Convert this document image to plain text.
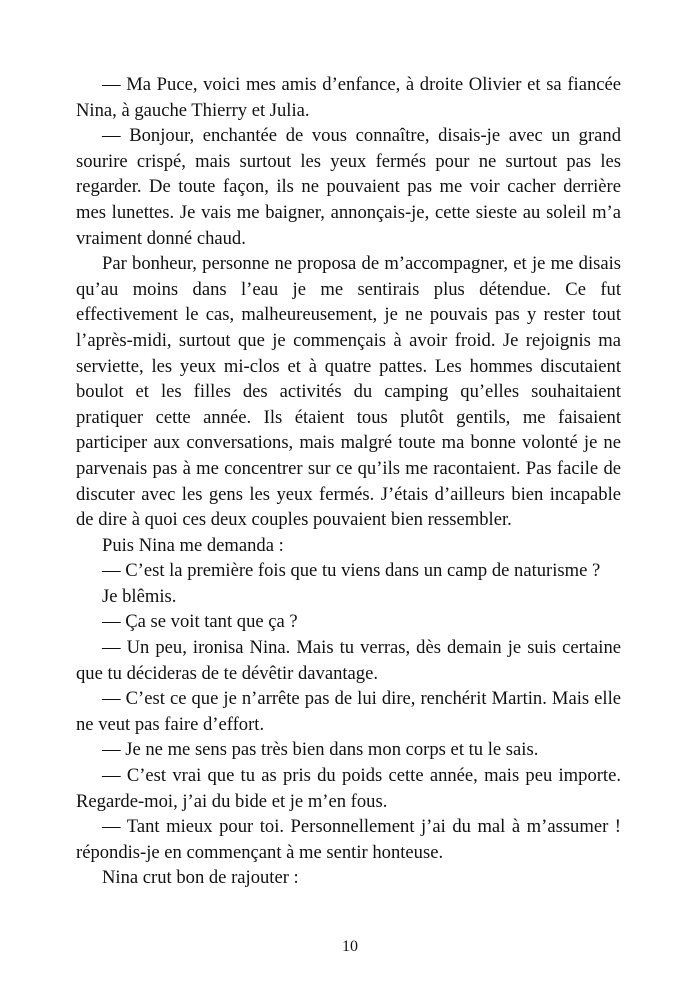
— Ma Puce, voici mes amis d’enfance, à droite Olivier et sa fiancée Nina, à gauche Thierry et Julia.

— Bonjour, enchantée de vous connaître, disais-je avec un grand sourire crispé, mais surtout les yeux fermés pour ne surtout pas les regarder. De toute façon, ils ne pouvaient pas me voir cacher derrière mes lunettes. Je vais me baigner, annonçais-je, cette sieste au soleil m’a vraiment donné chaud.

Par bonheur, personne ne proposa de m’accompagner, et je me disais qu’au moins dans l’eau je me sentirais plus détendue. Ce fut effectivement le cas, malheureusement, je ne pouvais pas y rester tout l’après-midi, surtout que je commençais à avoir froid. Je rejoignis ma serviette, les yeux mi-clos et à quatre pattes. Les hommes discutaient boulot et les filles des activités du camping qu’elles souhaitaient pratiquer cette année. Ils étaient tous plutôt gentils, me faisaient participer aux conversations, mais malgré toute ma bonne volonté je ne parvenais pas à me concentrer sur ce qu’ils me racontaient. Pas facile de discuter avec les gens les yeux fermés. J’étais d’ailleurs bien incapable de dire à quoi ces deux couples pouvaient bien ressembler.

Puis Nina me demanda :

— C’est la première fois que tu viens dans un camp de naturisme ?

Je blêmis.

— Ça se voit tant que ça ?

— Un peu, ironisa Nina. Mais tu verras, dès demain je suis certaine que tu décideras de te dévêtir davantage.

— C’est ce que je n’arrête pas de lui dire, renchérit Martin. Mais elle ne veut pas faire d’effort.

— Je ne me sens pas très bien dans mon corps et tu le sais.

— C’est vrai que tu as pris du poids cette année, mais peu importe. Regarde-moi, j’ai du bide et je m’en fous.

— Tant mieux pour toi. Personnellement j’ai du mal à m’assumer ! répondis-je en commençant à me sentir honteuse.

Nina crut bon de rajouter :

10
